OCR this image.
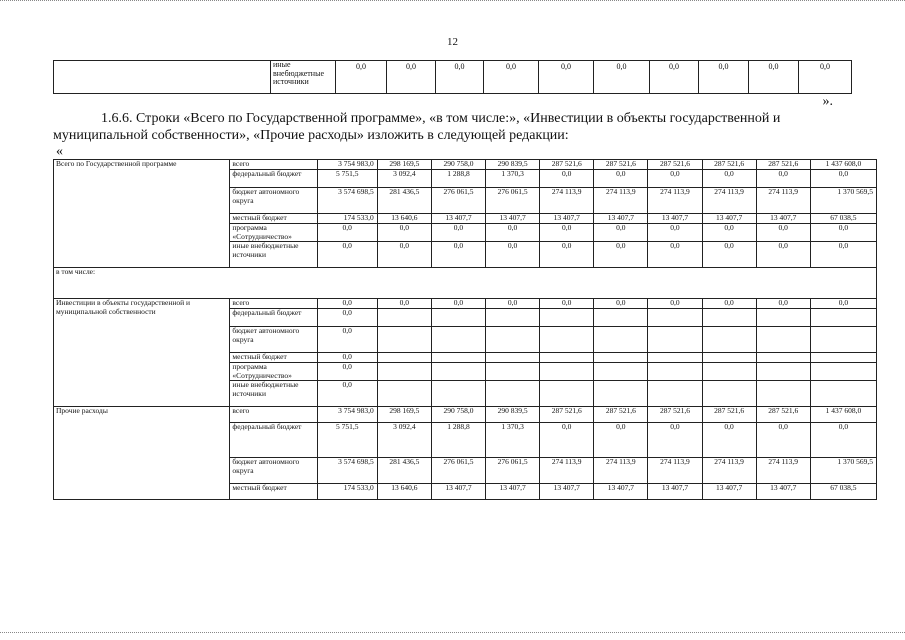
12
	иные внебюджетные источники	0,0	0,0	0,0	0,0	0,0	0,0	0,0	0,0	0,0	0,0
».

1.6.6. Строки «Всего по Государственной программе», «в том числе:», «Инвестиции в объекты государственной и муниципальной собственности», «Прочие расходы» изложить в следующей редакции:

«
Всего по Государственной программе	всего	3 754 983,0	298 169,5	290 758,0	290 839,5	287 521,6	287 521,6	287 521,6	287 521,6	287 521,6	1 437 608,0
	федеральный бюджет	5 751,5	3 092,4	1 288,8	1 370,3	0,0	0,0	0,0	0,0	0,0	0,0
	бюджет автономного округа	3 574 698,5	281 436,5	276 061,5	276 061,5	274 113,9	274 113,9	274 113,9	274 113,9	274 113,9	1 370 569,5
	местный бюджет	174 533,0	13 640,6	13 407,7	13 407,7	13 407,7	13 407,7	13 407,7	13 407,7	13 407,7	67 038,5
	программа «Сотрудничество»	0,0	0,0	0,0	0,0	0,0	0,0	0,0	0,0	0,0	0,0
	иные внебюджетные источники	0,0	0,0	0,0	0,0	0,0	0,0	0,0	0,0	0,0	0,0
в том числе:											
Инвестиции в объекты государственной и муниципальной собственности	всего	0,0	0,0	0,0	0,0	0,0	0,0	0,0	0,0	0,0	0,0
	федеральный бюджет	0,0									
	бюджет автономного округа	0,0									
	местный бюджет	0,0									
	программа «Сотрудничество»	0,0									
	иные внебюджетные источники	0,0									
Прочие расходы	всего	3 754 983,0	298 169,5	290 758,0	290 839,5	287 521,6	287 521,6	287 521,6	287 521,6	287 521,6	1 437 608,0
	федеральный бюджет	5 751,5	3 092,4	1 288,8	1 370,3	0,0	0,0	0,0	0,0	0,0	0,0
	бюджет автономного округа	3 574 698,5	281 436,5	276 061,5	276 061,5	274 113,9	274 113,9	274 113,9	274 113,9	274 113,9	1 370 569,5
	местный бюджет	174 533,0	13 640,6	13 407,7	13 407,7	13 407,7	13 407,7	13 407,7	13 407,7	13 407,7	67 038,5
